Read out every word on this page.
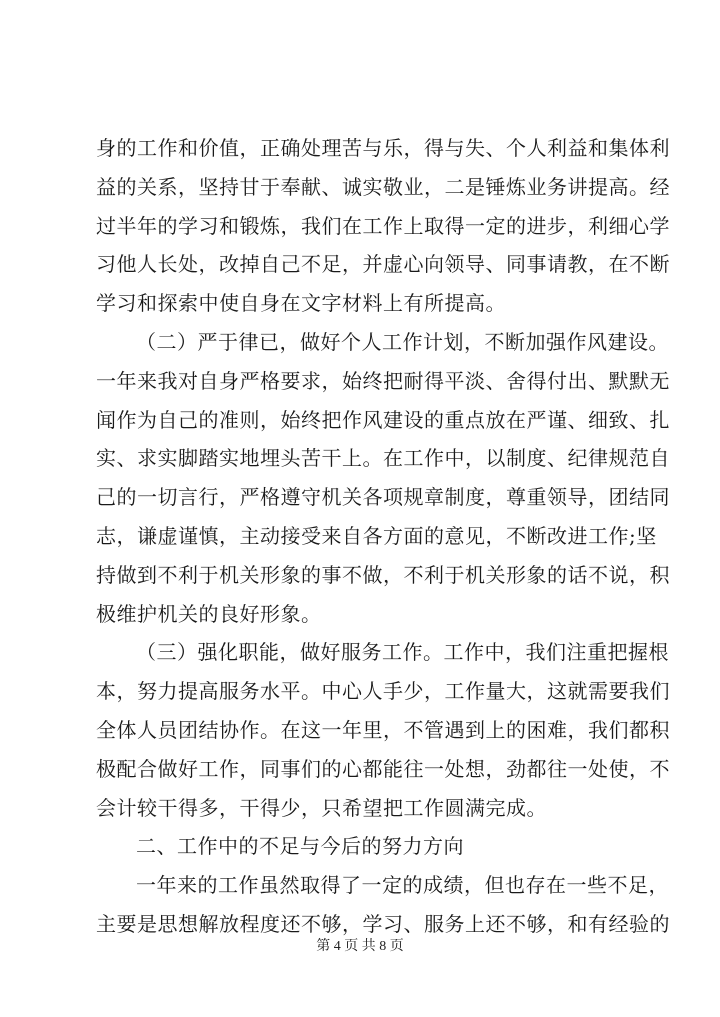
身的工作和价值，正确处理苦与乐，得与失、个人利益和集体利
益的关系，坚持甘于奉献、诚实敬业，二是锤炼业务讲提高。经
过半年的学习和锻炼，我们在工作上取得一定的进步，利细心学
习他人长处，改掉自己不足，并虚心向领导、同事请教，在不断
学习和探索中使自身在文字材料上有所提高。
（二）严于律已，做好个人工作计划，不断加强作风建设。
一年来我对自身严格要求，始终把耐得平淡、舍得付出、默默无
闻作为自己的准则，始终把作风建设的重点放在严谨、细致、扎
实、求实脚踏实地埋头苦干上。在工作中，以制度、纪律规范自
己的一切言行，严格遵守机关各项规章制度，尊重领导，团结同
志，谦虚谨慎，主动接受来自各方面的意见，不断改进工作;坚
持做到不利于机关形象的事不做，不利于机关形象的话不说，积
极维护机关的良好形象。
（三）强化职能，做好服务工作。工作中，我们注重把握根
本，努力提高服务水平。中心人手少，工作量大，这就需要我们
全体人员团结协作。在这一年里，不管遇到上的困难，我们都积
极配合做好工作，同事们的心都能往一处想，劲都往一处使，不
会计较干得多，干得少，只希望把工作圆满完成。
二、工作中的不足与今后的努力方向
一年来的工作虽然取得了一定的成绩，但也存在一些不足，
主要是思想解放程度还不够，学习、服务上还不够，和有经验的
第 4 页 共 8 页
